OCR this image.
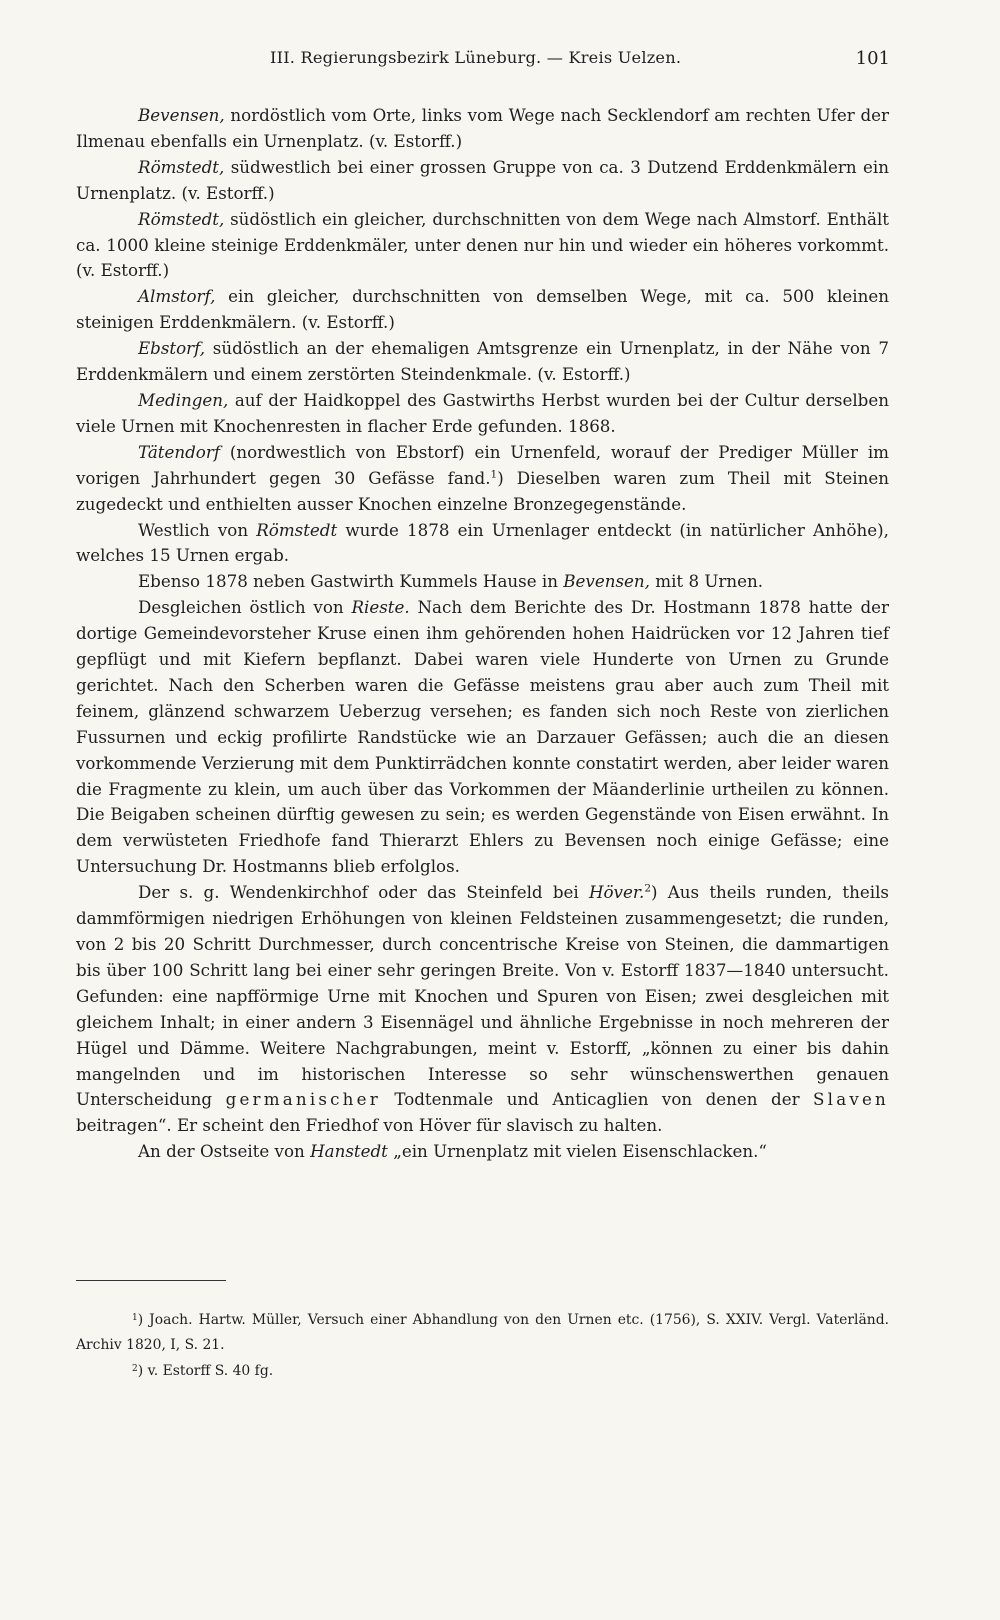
III. Regierungsbezirk Lüneburg. — Kreis Uelzen.	101

Bevensen, nordöstlich vom Orte, links vom Wege nach Secklendorf am rechten Ufer der Ilmenau ebenfalls ein Urnenplatz. (v. Estorff.)

Römstedt, südwestlich bei einer grossen Gruppe von ca. 3 Dutzend Erddenkmälern ein Urnenplatz. (v. Estorff.)

Römstedt, südöstlich ein gleicher, durchschnitten von dem Wege nach Almstorf. Enthält ca. 1000 kleine steinige Erddenkmäler, unter denen nur hin und wieder ein höheres vorkommt. (v. Estorff.)

Almstorf, ein gleicher, durchschnitten von demselben Wege, mit ca. 500 kleinen steinigen Erddenkmälern. (v. Estorff.)

Ebstorf, südöstlich an der ehemaligen Amtsgrenze ein Urnenplatz, in der Nähe von 7 Erddenkmälern und einem zerstörten Steindenkmale. (v. Estorff.)

Medingen, auf der Haidkoppel des Gastwirths Herbst wurden bei der Cultur derselben viele Urnen mit Knochenresten in flacher Erde gefunden. 1868.

Tätendorf (nordwestlich von Ebstorf) ein Urnenfeld, worauf der Prediger Müller im vorigen Jahrhundert gegen 30 Gefässe fand.$^1$) Dieselben waren zum Theil mit Steinen zugedeckt und enthielten ausser Knochen einzelne Bronzegegenstände.

Westlich von Römstedt wurde 1878 ein Urnenlager entdeckt (in natürlicher Anhöhe), welches 15 Urnen ergab.

Ebenso 1878 neben Gastwirth Kummels Hause in Bevensen, mit 8 Urnen.

Desgleichen östlich von Rieste. Nach dem Berichte des Dr. Hostmann 1878 hatte der dortige Gemeindevorsteher Kruse einen ihm gehörenden hohen Haidrücken vor 12 Jahren tief gepflügt und mit Kiefern bepflanzt. Dabei waren viele Hunderte von Urnen zu Grunde gerichtet. Nach den Scherben waren die Gefässe meistens grau aber auch zum Theil mit feinem, glänzend schwarzem Ueberzug versehen; es fanden sich noch Reste von zierlichen Fussurnen und eckig profilirte Randstücke wie an Darzauer Gefässen; auch die an diesen vorkommende Verzierung mit dem Punktirrädchen konnte constatirt werden, aber leider waren die Fragmente zu klein, um auch über das Vorkommen der Mäanderlinie urtheilen zu können. Die Beigaben scheinen dürftig gewesen zu sein; es werden Gegenstände von Eisen erwähnt. In dem verwüsteten Friedhofe fand Thierarzt Ehlers zu Bevensen noch einige Gefässe; eine Untersuchung Dr. Hostmanns blieb erfolglos.

Der s. g. Wendenkirchhof oder das Steinfeld bei Höver.$^2$) Aus theils runden, theils dammförmigen niedrigen Erhöhungen von kleinen Feldsteinen zusammengesetzt; die runden, von 2 bis 20 Schritt Durchmesser, durch concentrische Kreise von Steinen, die dammartigen bis über 100 Schritt lang bei einer sehr geringen Breite. Von v. Estorff 1837—1840 untersucht. Gefunden: eine napfförmige Urne mit Knochen und Spuren von Eisen; zwei desgleichen mit gleichem Inhalt; in einer andern 3 Eisennägel und ähnliche Ergebnisse in noch mehreren der Hügel und Dämme. Weitere Nachgrabungen, meint v. Estorff, „können zu einer bis dahin mangelnden und im historischen Interesse so sehr wünschenswerthen genauen Unterscheidung germanischer Todtenmale und Anticaglien von denen der Slaven beitragen“. Er scheint den Friedhof von Höver für slavisch zu halten.

An der Ostseite von Hanstedt „ein Urnenplatz mit vielen Eisenschlacken.“

$^1$) Joach. Hartw. Müller, Versuch einer Abhandlung von den Urnen etc. (1756), S. XXIV. Vergl. Vaterländ. Archiv 1820, I, S. 21.

$^2$) v. Estorff S. 40 fg.
